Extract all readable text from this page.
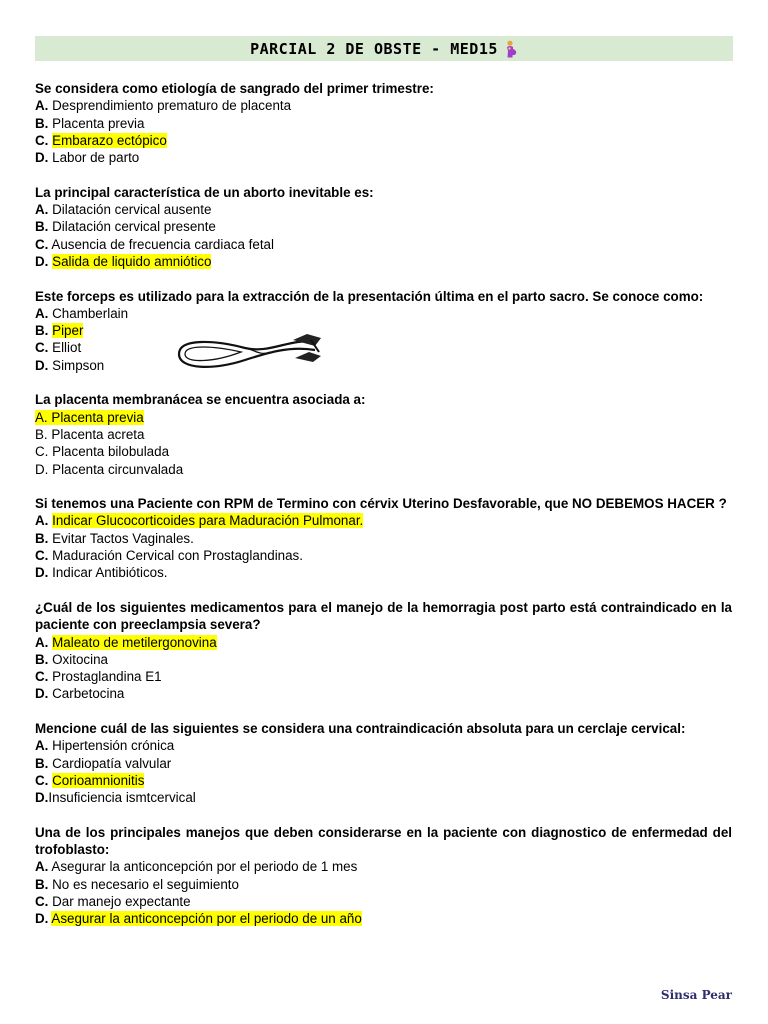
PARCIAL 2 DE OBSTE - MED15

Se considera como etiología de sangrado del primer trimestre:

A. Desprendimiento prematuro de placenta

B. Placenta previa

C. Embarazo ectópico

D. Labor de parto

La principal característica de un aborto inevitable es:

A. Dilatación cervical ausente

B. Dilatación cervical presente

C. Ausencia de frecuencia cardiaca fetal

D. Salida de liquido amniótico

Este forceps es utilizado para la extracción de la presentación última en el parto sacro. Se conoce como:

A. Chamberlain

B. Piper

C. Elliot

D. Simpson

La placenta membranácea se encuentra asociada a:

A. Placenta previa

B. Placenta acreta

C. Placenta bilobulada

D. Placenta circunvalada

Si tenemos una Paciente con RPM de Termino con cérvix Uterino Desfavorable, que NO DEBEMOS HACER ?

A. Indicar Glucocorticoides para Maduración Pulmonar.

B. Evitar Tactos Vaginales.

C. Maduración Cervical con Prostaglandinas.

D. Indicar Antibióticos.

¿Cuál de los siguientes medicamentos para el manejo de la hemorragia post parto está contraindicado en la paciente con preeclampsia severa?

A. Maleato de metilergonovina

B. Oxitocina

C. Prostaglandina E1

D. Carbetocina

Mencione cuál de las siguientes se considera una contraindicación absoluta para un cerclaje cervical:

A. Hipertensión crónica

B. Cardiopatía valvular

C. Corioamnionitis

D.Insuficiencia ismtcervical

Una de los principales manejos que deben considerarse en la paciente con diagnostico de enfermedad del trofoblasto:

A. Asegurar la anticoncepción por el periodo de 1 mes

B. No es necesario el seguimiento

C. Dar manejo expectante

D. Asegurar la anticoncepción por el periodo de un año

Sinsa Pear
